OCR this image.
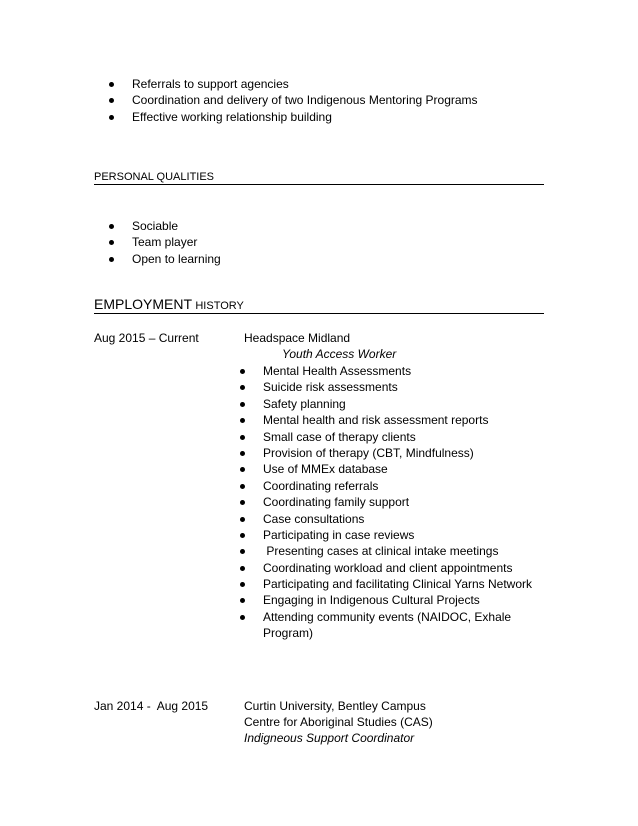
Referrals to support agencies
Coordination and delivery of two Indigenous Mentoring Programs
Effective working relationship building
PERSONAL QUALITIES
Sociable
Team player
Open to learning
EMPLOYMENT HISTORY
Aug 2015 – Current	Headspace Midland
Youth Access Worker
Mental Health Assessments
Suicide risk assessments
Safety planning
Mental health and risk assessment reports
Small case of therapy clients
Provision of therapy (CBT, Mindfulness)
Use of MMEx database
Coordinating referrals
Coordinating family support
Case consultations
Participating in case reviews
Presenting cases at clinical intake meetings
Coordinating workload and client appointments
Participating and facilitating Clinical Yarns Network
Engaging in Indigenous Cultural Projects
Attending community events (NAIDOC, Exhale Program)
Jan 2014 -  Aug 2015	Curtin University, Bentley Campus
Centre for Aboriginal Studies (CAS)
Indigneous Support Coordinator
